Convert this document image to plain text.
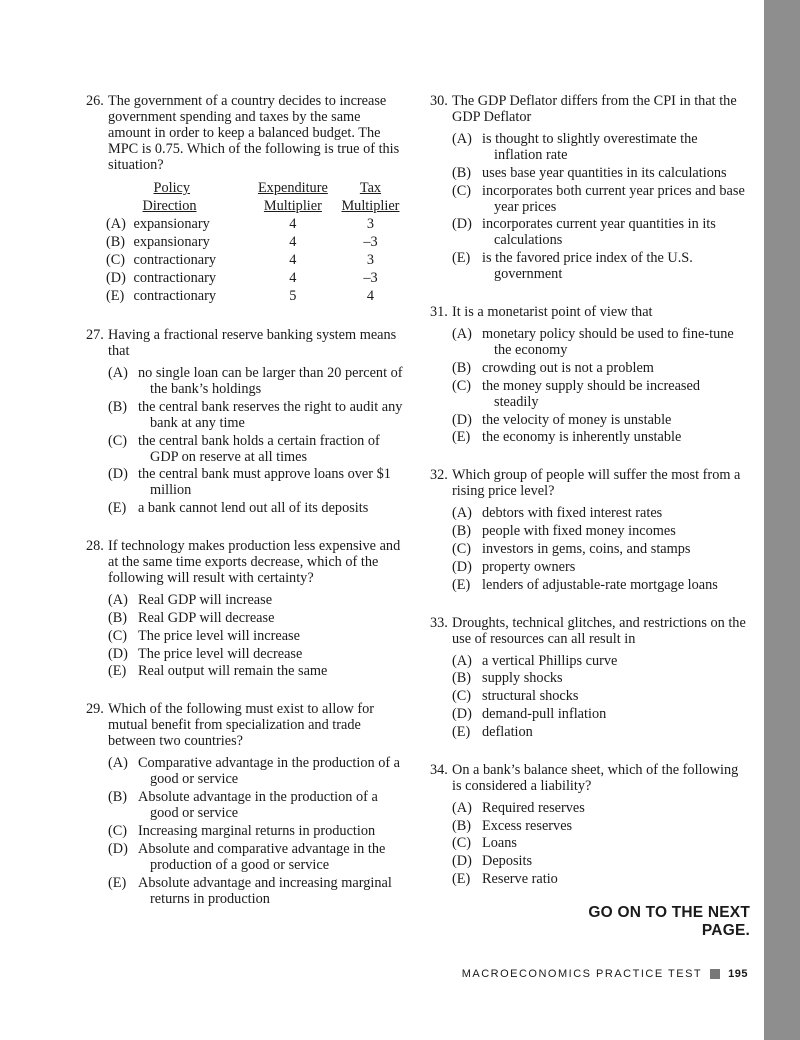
26. The government of a country decides to increase government spending and taxes by the same amount in order to keep a balanced budget. The MPC is 0.75. Which of the following is true of this situation?
	Policy	Expenditure	Tax
	Direction	Multiplier	Multiplier
(A)	expansionary	4	3
(B)	expansionary	4	–3
(C)	contractionary	4	3
(D)	contractionary	4	–3
(E)	contractionary	5	4
27. Having a fractional reserve banking system means that
(A) no single loan can be larger than 20 percent of the bank’s holdings
(B) the central bank reserves the right to audit any bank at any time
(C) the central bank holds a certain fraction of GDP on reserve at all times
(D) the central bank must approve loans over $1 million
(E) a bank cannot lend out all of its deposits
28. If technology makes production less expensive and at the same time exports decrease, which of the following will result with certainty?
(A) Real GDP will increase
(B) Real GDP will decrease
(C) The price level will increase
(D) The price level will decrease
(E) Real output will remain the same
29. Which of the following must exist to allow for mutual benefit from specialization and trade between two countries?
(A) Comparative advantage in the production of a good or service
(B) Absolute advantage in the production of a good or service
(C) Increasing marginal returns in production
(D) Absolute and comparative advantage in the production of a good or service
(E) Absolute advantage and increasing marginal returns in production
30. The GDP Deflator differs from the CPI in that the GDP Deflator
(A) is thought to slightly overestimate the inflation rate
(B) uses base year quantities in its calculations
(C) incorporates both current year prices and base year prices
(D) incorporates current year quantities in its calculations
(E) is the favored price index of the U.S. government
31. It is a monetarist point of view that
(A) monetary policy should be used to fine-tune the economy
(B) crowding out is not a problem
(C) the money supply should be increased steadily
(D) the velocity of money is unstable
(E) the economy is inherently unstable
32. Which group of people will suffer the most from a rising price level?
(A) debtors with fixed interest rates
(B) people with fixed money incomes
(C) investors in gems, coins, and stamps
(D) property owners
(E) lenders of adjustable-rate mortgage loans
33. Droughts, technical glitches, and restrictions on the use of resources can all result in
(A) a vertical Phillips curve
(B) supply shocks
(C) structural shocks
(D) demand-pull inflation
(E) deflation
34. On a bank’s balance sheet, which of the following is considered a liability?
(A) Required reserves
(B) Excess reserves
(C) Loans
(D) Deposits
(E) Reserve ratio
GO ON TO THE NEXT PAGE.
MACROECONOMICS PRACTICE TEST 195
